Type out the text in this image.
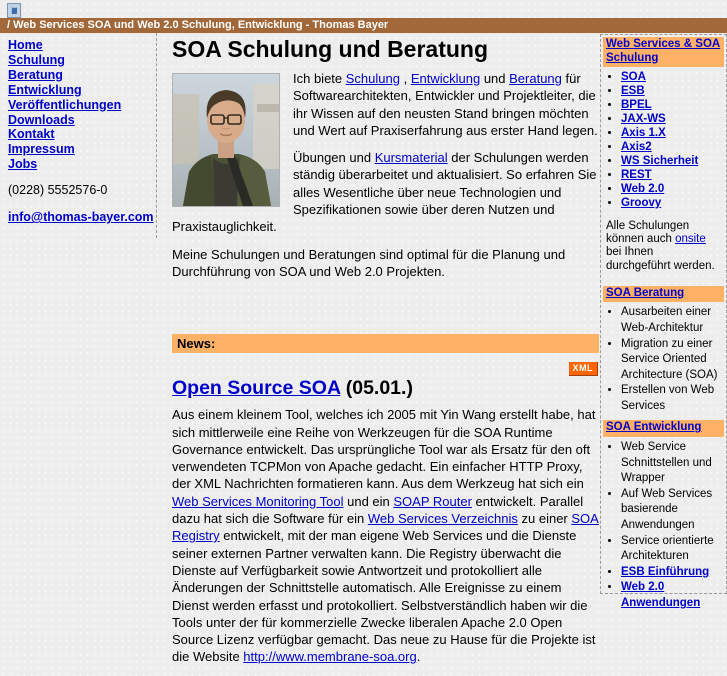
/ Web Services SOA und Web 2.0 Schulung, Entwicklung - Thomas Bayer
Home
Schulung
Beratung
Entwicklung
Veröffentlichungen
Downloads
Kontakt
Impressum
Jobs
(0228) 5552576-0
info@thomas-bayer.com
SOA Schulung und Beratung

Ich biete Schulung , Entwicklung und Beratung für Softwarearchitekten, Entwickler und Projektleiter, die ihr Wissen auf den neusten Stand bringen möchten und Wert auf Praxiserfahrung aus erster Hand legen.

Übungen und Kursmaterial der Schulungen werden ständig überarbeitet und aktualisiert. So erfahren Sie alles Wesentliche über neue Technologien und Spezifikationen sowie über deren Nutzen und Praxistauglichkeit.

Meine Schulungen und Beratungen sind optimal für die Planung und Durchführung von SOA und Web 2.0 Projekten.

News:
XML
Open Source SOA (05.01.)

Aus einem kleinem Tool, welches ich 2005 mit Yin Wang erstellt habe, hat sich mittlerweile eine Reihe von Werkzeugen für die SOA Runtime Governance entwickelt. Das ursprüngliche Tool war als Ersatz für den oft verwendeten TCPMon von Apache gedacht. Ein einfacher HTTP Proxy, der XML Nachrichten formatieren kann. Aus dem Werkzeug hat sich ein Web Services Monitoring Tool und ein SOAP Router entwickelt. Parallel dazu hat sich die Software für ein Web Services Verzeichnis zu einer SOA Registry entwickelt, mit der man eigene Web Services und die Dienste seiner externen Partner verwalten kann. Die Registry überwacht die Dienste auf Verfügbarkeit sowie Antwortzeit und protokolliert alle Änderungen der Schnittstelle automatisch. Alle Ereignisse zu einem Dienst werden erfasst und protokolliert. Selbstverständlich haben wir die Tools unter der für kommerzielle Zwecke liberalen Apache 2.0 Open Source Lizenz verfügbar gemacht. Das neue zu Hause für die Projekte ist die Website http://www.membrane-soa.org.

Web Services & SOA Schulung
• SOA
• ESB
• BPEL
• JAX-WS
• Axis 1.X
• Axis2
• WS Sicherheit
• REST
• Web 2.0
• Groovy
Alle Schulungen können auch onsite bei Ihnen durchgeführt werden.
SOA Beratung
• Ausarbeiten einer Web-Architektur
• Migration zu einer Service Oriented Architecture (SOA)
• Erstellen von Web Services
SOA Entwicklung
• Web Service Schnittstellen und Wrapper
• Auf Web Services basierende Anwendungen
• Service orientierte Architekturen
• ESB Einführung
• Web 2.0 Anwendungen
